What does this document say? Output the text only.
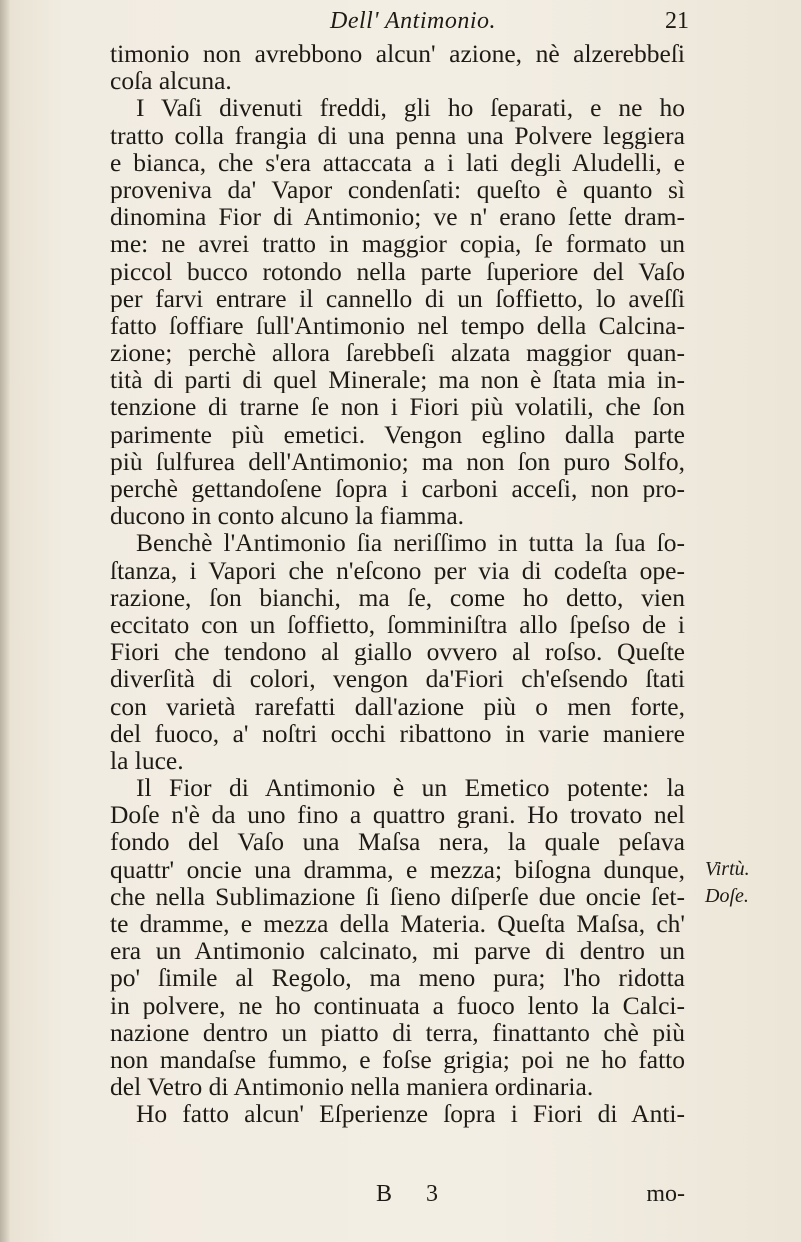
Dell' Antimonio.	21
timonio non avrebbono alcun' azione, nè alzerebbeſi
coſa alcuna.
I Vaſi divenuti freddi, gli ho ſeparati, e ne ho
tratto colla frangia di una penna una Polvere leggiera
e bianca, che s'era attaccata a i lati degli Aludelli, e
proveniva da' Vapor condenſati: queſto è quanto sì
dinomina Fior di Antimonio; ve n' erano ſette dram-
me: ne avrei tratto in maggior copia, ſe formato un
piccol bucco rotondo nella parte ſuperiore del Vaſo
per farvi entrare il cannello di un ſoffietto, lo aveſſi
fatto ſoffiare ſull'Antimonio nel tempo della Calcina-
zione; perchè allora ſarebbeſi alzata maggior quan-
tità di parti di quel Minerale; ma non è ſtata mia in-
tenzione di trarne ſe non i Fiori più volatili, che ſon
parimente più emetici. Vengon eglino dalla parte
più ſulfurea dell'Antimonio; ma non ſon puro Solfo,
perchè gettandoſene ſopra i carboni acceſi, non pro-
ducono in conto alcuno la fiamma.
Benchè l'Antimonio ſia neriſſimo in tutta la ſua ſo-
ſtanza, i Vapori che n'eſcono per via di codeſta ope-
razione, ſon bianchi, ma ſe, come ho detto, vien
eccitato con un ſoffietto, ſomminiſtra allo ſpeſso de i
Fiori che tendono al giallo ovvero al roſso. Queſte
diverſità di colori, vengon da'Fiori ch'eſsendo ſtati
con varietà rarefatti dall'azione più o men forte,
del fuoco, a' noſtri occhi ribattono in varie maniere
la luce.
Il Fior di Antimonio è un Emetico potente: la
Doſe n'è da uno fino a quattro grani. Ho trovato nel
fondo del Vaſo una Maſsa nera, la quale peſava
quattr' oncie una dramma, e mezza; biſogna dunque,
che nella Sublimazione ſi ſieno diſperſe due oncie ſet-
te dramme, e mezza della Materia. Queſta Maſsa, ch'
era un Antimonio calcinato, mi parve di dentro un
po' ſimile al Regolo, ma meno pura; l'ho ridotta
in polvere, ne ho continuata a fuoco lento la Calci-
nazione dentro un piatto di terra, finattanto chè più
non mandaſse fummo, e foſse grigia; poi ne ho fatto
del Vetro di Antimonio nella maniera ordinaria.
Ho fatto alcun' Eſperienze ſopra i Fiori di Anti-
Virtù.
Doſe.
B 3	mo-
